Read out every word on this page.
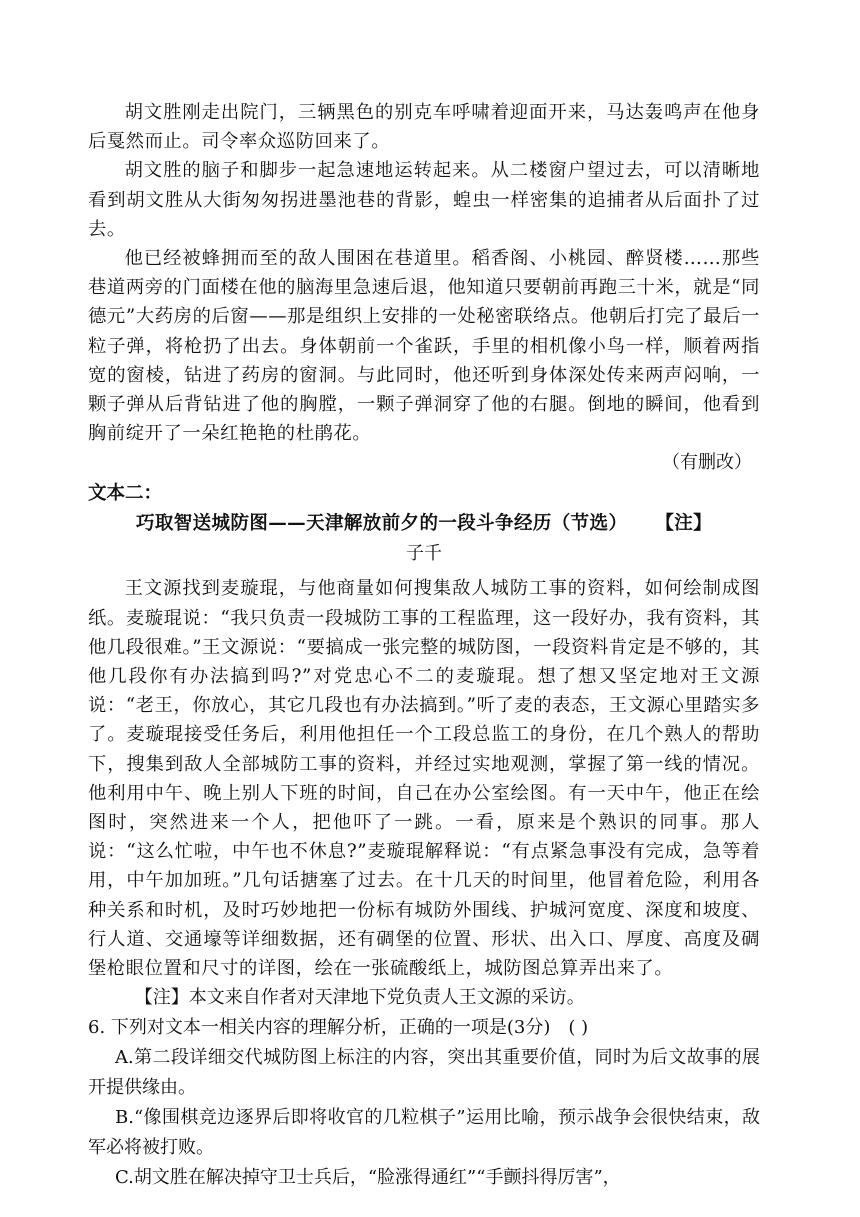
胡文胜刚走出院门，三辆黑色的别克车呼啸着迎面开来，马达轰鸣声在他身后戛然而止。司令率众巡防回来了。

胡文胜的脑子和脚步一起急速地运转起来。从二楼窗户望过去，可以清晰地看到胡文胜从大街匆匆拐进墨池巷的背影，蝗虫一样密集的追捕者从后面扑了过去。

他已经被蜂拥而至的敌人围困在巷道里。稻香阁、小桃园、醉贤楼……那些巷道两旁的门面楼在他的脑海里急速后退，他知道只要朝前再跑三十米，就是“同德元”大药房的后窗——那是组织上安排的一处秘密联络点。他朝后打完了最后一粒子弹，将枪扔了出去。身体朝前一个雀跃，手里的相机像小鸟一样，顺着两指宽的窗棱，钻进了药房的窗洞。与此同时，他还听到身体深处传来两声闷响，一颗子弹从后背钻进了他的胸膛，一颗子弹洞穿了他的右腿。倒地的瞬间，他看到胸前绽开了一朵红艳艳的杜鹃花。

（有删改）
文本二：
巧取智送城防图——天津解放前夕的一段斗争经历（节选） 【注】
子千

王文源找到麦璇琨，与他商量如何搜集敌人城防工事的资料，如何绘制成图纸。麦璇琨说：“我只负责一段城防工事的工程监理，这一段好办，我有资料，其他几段很难。”王文源说：“要搞成一张完整的城防图，一段资料肯定是不够的，其他几段你有办法搞到吗?”对党忠心不二的麦璇琨。想了想又坚定地对王文源说：“老王，你放心，其它几段也有办法搞到。”听了麦的表态，王文源心里踏实多了。麦璇琨接受任务后，利用他担任一个工段总监工的身份，在几个熟人的帮助下，搜集到敌人全部城防工事的资料，并经过实地观测，掌握了第一线的情况。他利用中午、晚上别人下班的时间，自己在办公室绘图。有一天中午，他正在绘图时，突然进来一个人，把他吓了一跳。一看，原来是个熟识的同事。那人说：“这么忙啦，中午也不休息?”麦璇琨解释说：“有点紧急事没有完成，急等着用，中午加加班。”几句话搪塞了过去。在十几天的时间里，他冒着危险，利用各种关系和时机，及时巧妙地把一份标有城防外围线、护城河宽度、深度和坡度、行人道、交通壕等详细数据，还有碉堡的位置、形状、出入口、厚度、高度及碉堡枪眼位置和尺寸的详图，绘在一张硫酸纸上，城防图总算弄出来了。

【注】本文来自作者对天津地下党负责人王文源的采访。

6. 下列对文本一相关内容的理解分析，正确的一项是(3分) ( )

A.第二段详细交代城防图上标注的内容，突出其重要价值，同时为后文故事的展开提供缘由。

B.“像围棋竞边逐界后即将收官的几粒棋子”运用比喻，预示战争会很快结束，敌军必将被打败。

C.胡文胜在解决掉守卫士兵后，“脸涨得通红”“手颤抖得厉害”，
